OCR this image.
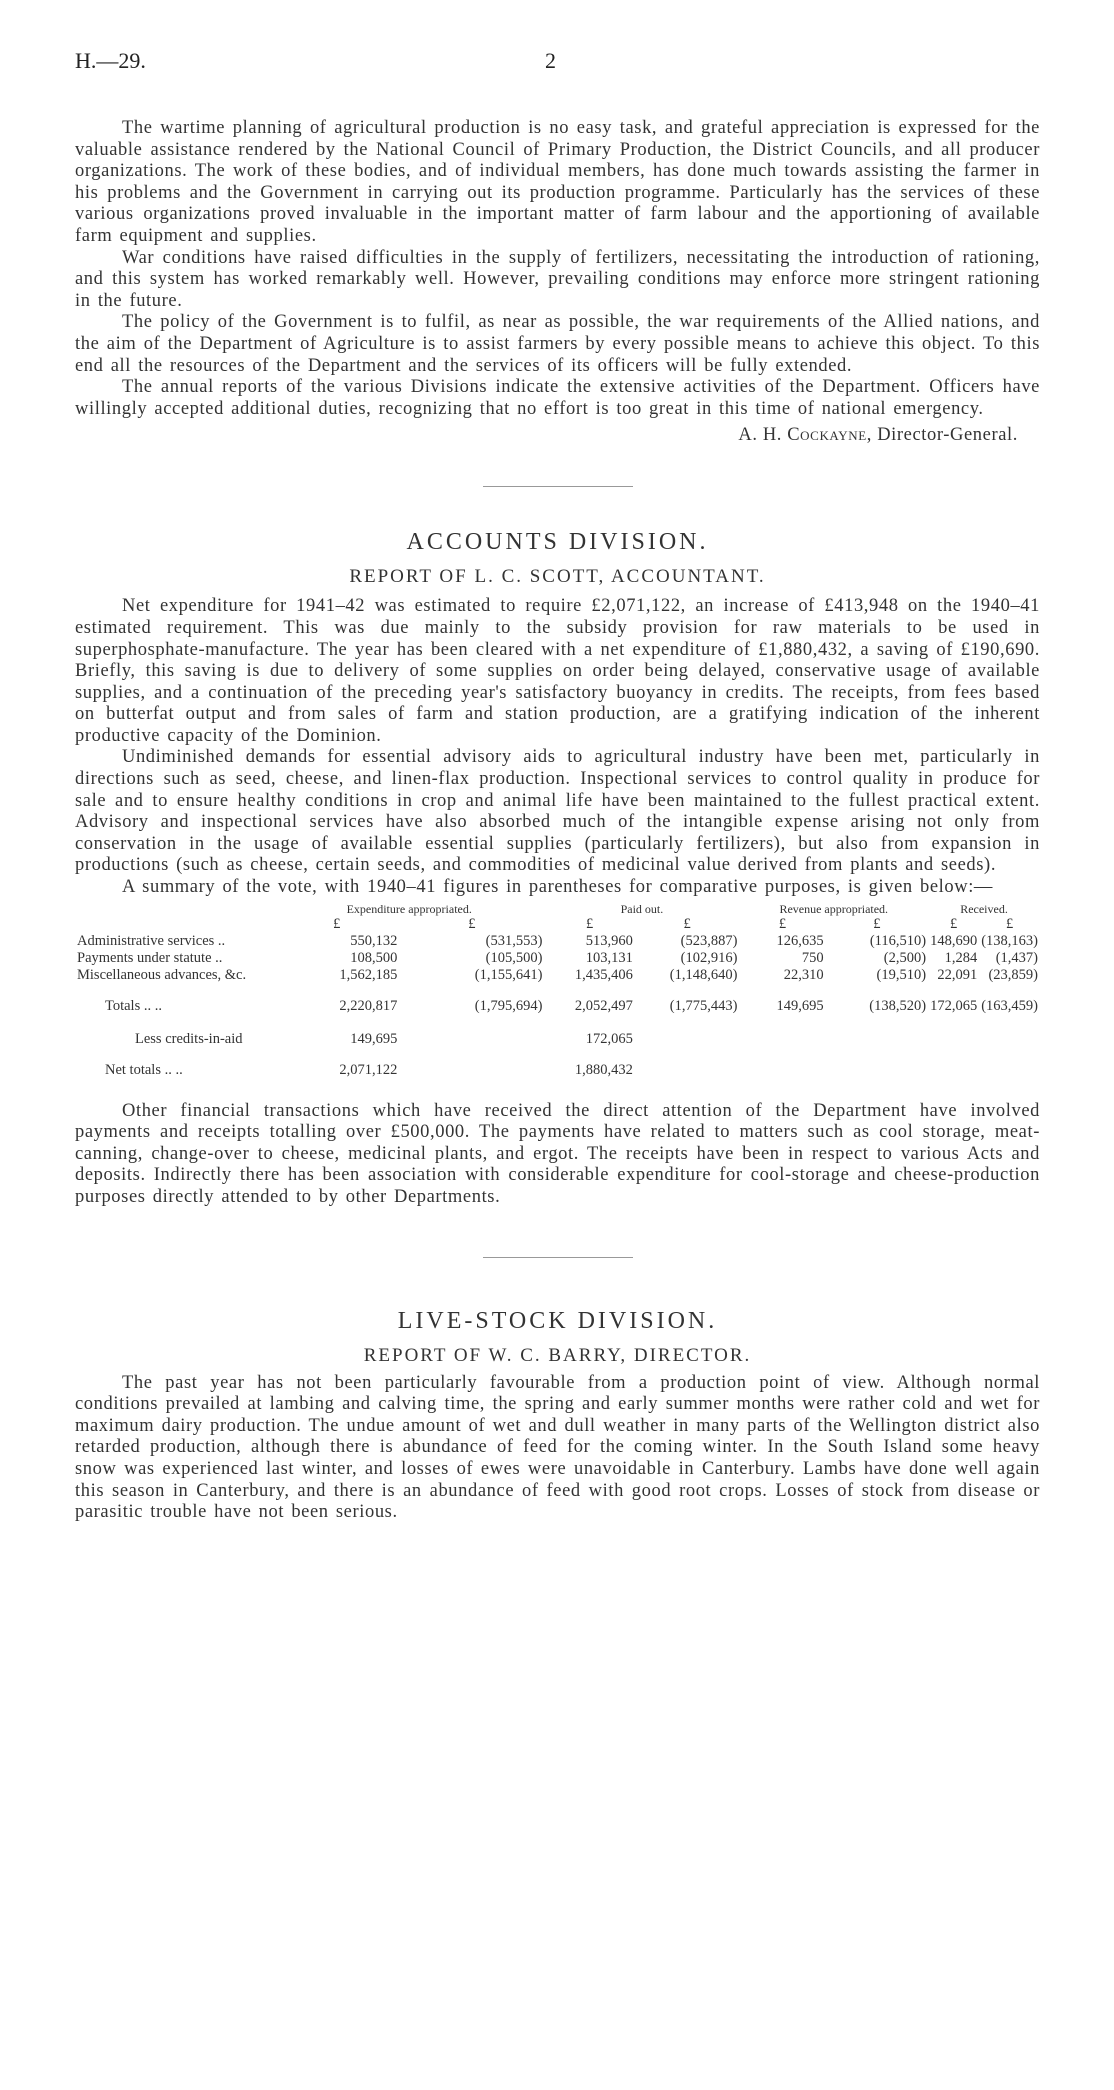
H.—29.	2

The wartime planning of agricultural production is no easy task, and grateful appreciation is expressed for the valuable assistance rendered by the National Council of Primary Production, the District Councils, and all producer organizations. The work of these bodies, and of individual members, has done much towards assisting the farmer in his problems and the Government in carrying out its production programme. Particularly has the services of these various organizations proved invaluable in the important matter of farm labour and the apportioning of available farm equipment and supplies.

War conditions have raised difficulties in the supply of fertilizers, necessitating the introduction of rationing, and this system has worked remarkably well. However, prevailing conditions may enforce more stringent rationing in the future.

The policy of the Government is to fulfil, as near as possible, the war requirements of the Allied nations, and the aim of the Department of Agriculture is to assist farmers by every possible means to achieve this object. To this end all the resources of the Department and the services of its officers will be fully extended.

The annual reports of the various Divisions indicate the extensive activities of the Department. Officers have willingly accepted additional duties, recognizing that no effort is too great in this time of national emergency.

A. H. Cockayne, Director-General.
ACCOUNTS DIVISION.
REPORT OF L. C. SCOTT, ACCOUNTANT.

Net expenditure for 1941–42 was estimated to require £2,071,122, an increase of £413,948 on the 1940–41 estimated requirement. This was due mainly to the subsidy provision for raw materials to be used in superphosphate-manufacture. The year has been cleared with a net expenditure of £1,880,432, a saving of £190,690. Briefly, this saving is due to delivery of some supplies on order being delayed, conservative usage of available supplies, and a continuation of the preceding year's satisfactory buoyancy in credits. The receipts, from fees based on butterfat output and from sales of farm and station production, are a gratifying indication of the inherent productive capacity of the Dominion.

Undiminished demands for essential advisory aids to agricultural industry have been met, particularly in directions such as seed, cheese, and linen-flax production. Inspectional services to control quality in produce for sale and to ensure healthy conditions in crop and animal life have been maintained to the fullest practical extent. Advisory and inspectional services have also absorbed much of the intangible expense arising not only from conservation in the usage of available essential supplies (particularly fertilizers), but also from expansion in productions (such as cheese, certain seeds, and commodities of medicinal value derived from plants and seeds).

A summary of the vote, with 1940–41 figures in parentheses for comparative purposes, is given below:—

	Expenditure appropriated.		Paid out.		Revenue appropriated.		Received.	
	£	£	£	£	£	£	£	£
Administrative services ..	550,132	(531,553)	513,960	(523,887)	126,635	(116,510)	148,690	(138,163)
Payments under statute ..	108,500	(105,500)	103,131	(102,916)	750	(2,500)	1,284	(1,437)
Miscellaneous advances, &c.	1,562,185	(1,155,641)	1,435,406	(1,148,640)	22,310	(19,510)	22,091	(23,859)

Totals .. ..	2,220,817	(1,795,694)	2,052,497	(1,775,443)	149,695	(138,520)	172,065	(163,459)

Less credits-in-aid	149,695		172,065					

Net totals .. ..	2,071,122		1,880,432					

Other financial transactions which have received the direct attention of the Department have involved payments and receipts totalling over £500,000. The payments have related to matters such as cool storage, meat-canning, change-over to cheese, medicinal plants, and ergot. The receipts have been in respect to various Acts and deposits. Indirectly there has been association with considerable expenditure for cool-storage and cheese-production purposes directly attended to by other Departments.

LIVE-STOCK DIVISION.
REPORT OF W. C. BARRY, DIRECTOR.

The past year has not been particularly favourable from a production point of view. Although normal conditions prevailed at lambing and calving time, the spring and early summer months were rather cold and wet for maximum dairy production. The undue amount of wet and dull weather in many parts of the Wellington district also retarded production, although there is abundance of feed for the coming winter. In the South Island some heavy snow was experienced last winter, and losses of ewes were unavoidable in Canterbury. Lambs have done well again this season in Canterbury, and there is an abundance of feed with good root crops. Losses of stock from disease or parasitic trouble have not been serious.
